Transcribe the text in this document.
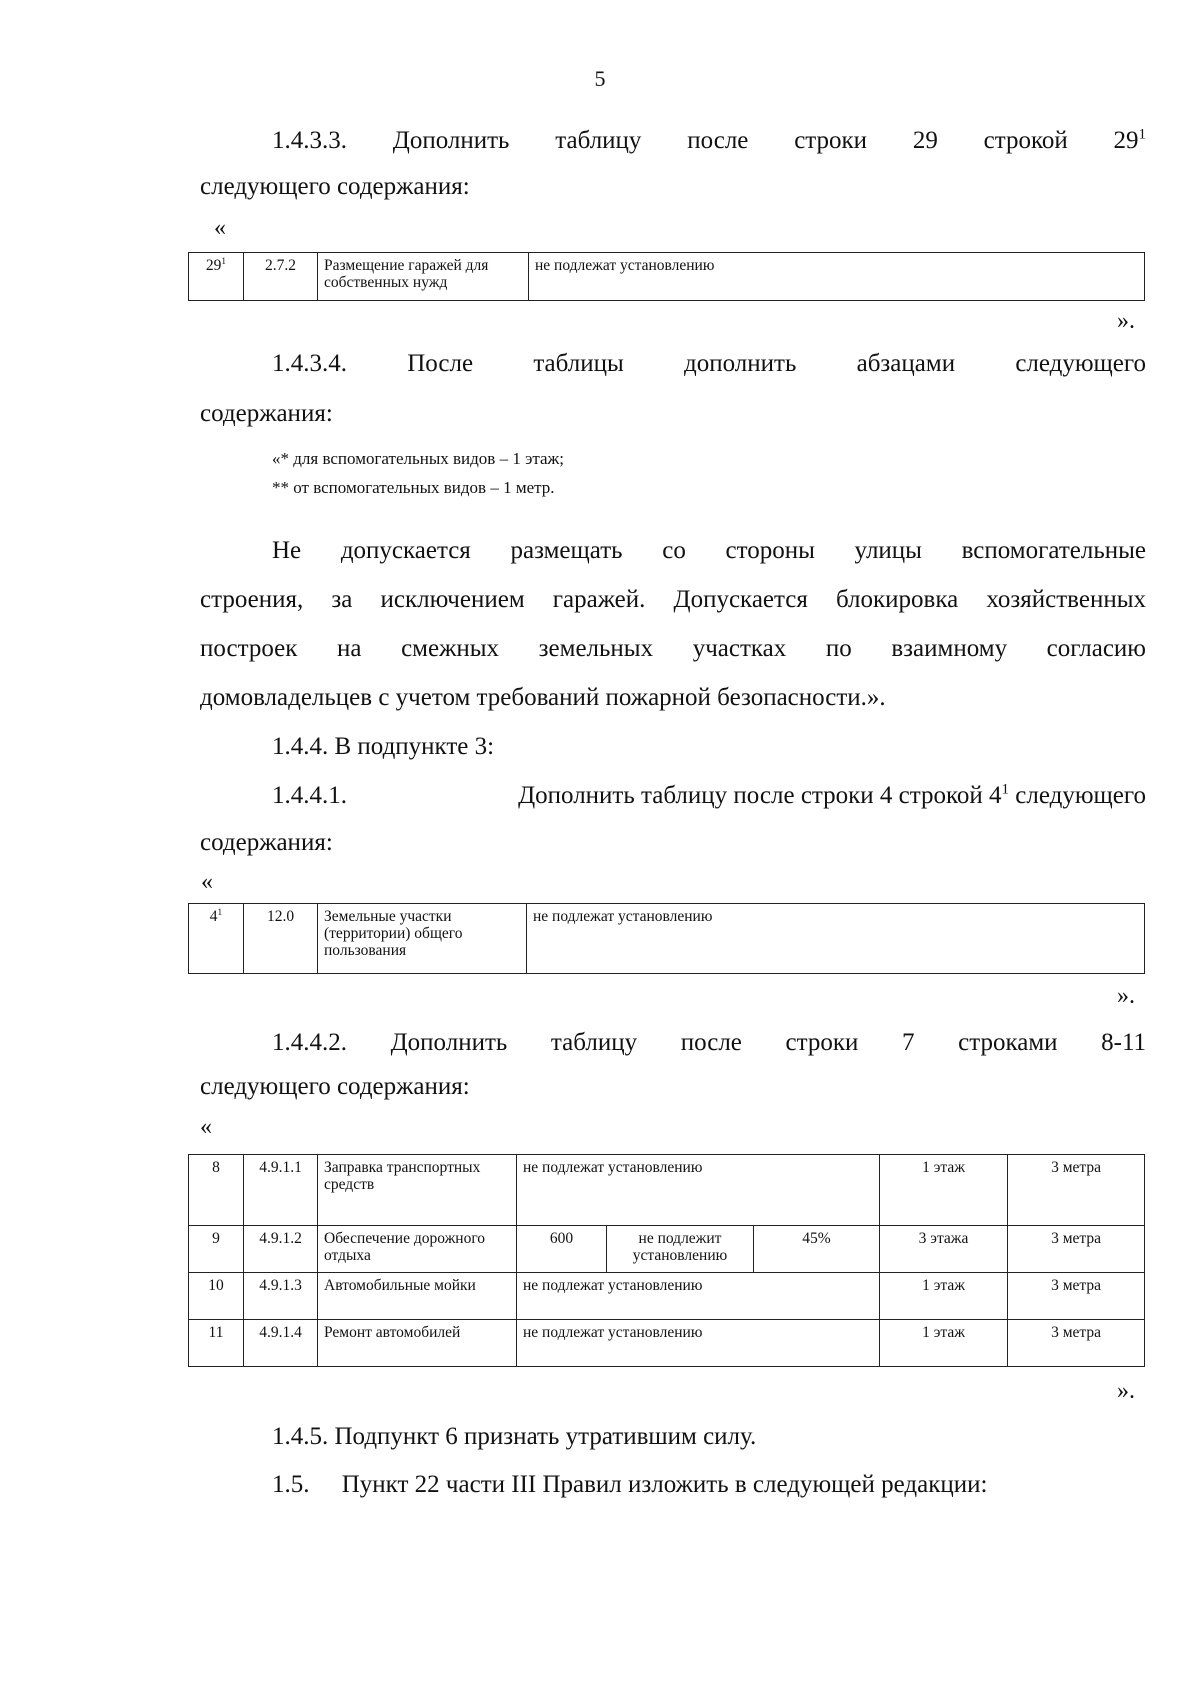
5
1.4.3.3. Дополнить таблицу после строки 29 строкой $29^1$
следующего содержания:
«
$29^1$	2.7.2	Размещение гаражей для собственных нужд	не подлежат установлению
».
1.4.3.4. После таблицы дополнить абзацами следующего
содержания:
«* для вспомогательных видов – 1 этаж;
** от вспомогательных видов – 1 метр.
Не допускается размещать со стороны улицы вспомогательные
строения, за исключением гаражей. Допускается блокировка хозяйственных
построек на смежных земельных участках по взаимному согласию
домовладельцев с учетом требований пожарной безопасности.».
1.4.4. В подпункте 3:
1.4.4.1.	Дополнить таблицу после строки 4 строкой $4^1$ следующего
содержания:
«
$4^1$	12.0	Земельные участки (территории) общего пользования	не подлежат установлению
».
1.4.4.2. Дополнить таблицу после строки 7 строками 8-11
следующего содержания:
«
8	4.9.1.1	Заправка транспортных средств	не подлежат установлению			1 этаж	3 метра
9	4.9.1.2	Обеспечение дорожного отдыха	600	не подлежит установлению	45%	3 этажа	3 метра
10	4.9.1.3	Автомобильные мойки	не подлежат установлению			1 этаж	3 метра
11	4.9.1.4	Ремонт автомобилей	не подлежат установлению			1 этаж	3 метра
».
1.4.5. Подпункт 6 признать утратившим силу.
1.5. Пункт 22 части III Правил изложить в следующей редакции:
